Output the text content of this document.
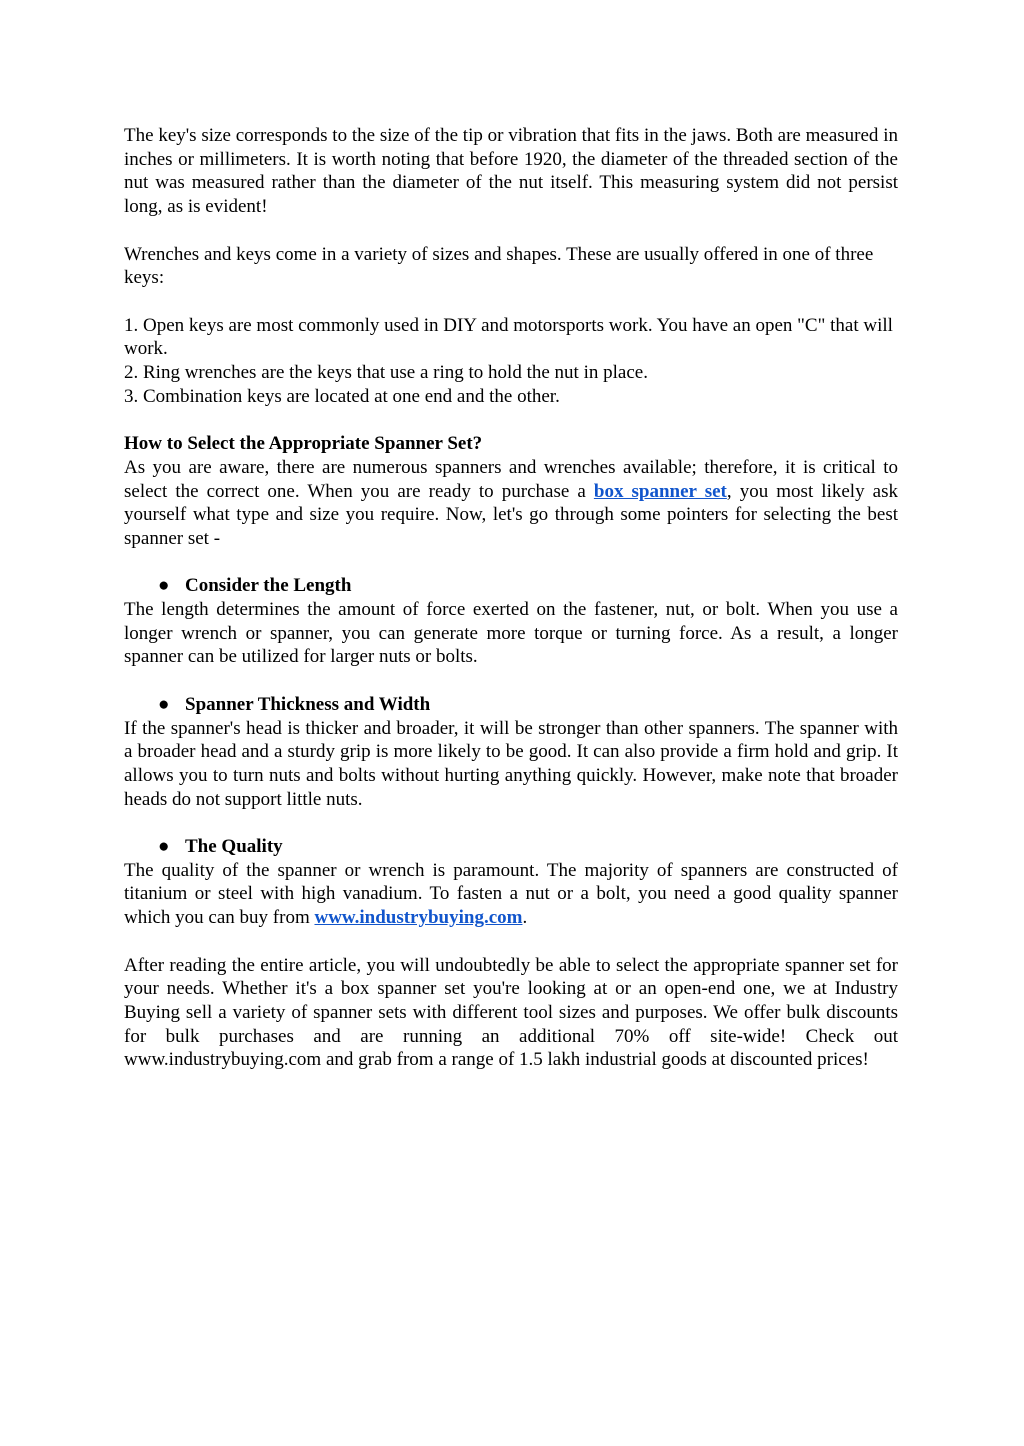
The key's size corresponds to the size of the tip or vibration that fits in the jaws. Both are measured in inches or millimeters. It is worth noting that before 1920, the diameter of the threaded section of the nut was measured rather than the diameter of the nut itself. This measuring system did not persist long, as is evident!

Wrenches and keys come in a variety of sizes and shapes. These are usually offered in one of three keys:

1. Open keys are most commonly used in DIY and motorsports work. You have an open "C" that will work.

2. Ring wrenches are the keys that use a ring to hold the nut in place.

3. Combination keys are located at one end and the other.

How to Select the Appropriate Spanner Set?

As you are aware, there are numerous spanners and wrenches available; therefore, it is critical to select the correct one. When you are ready to purchase a box spanner set, you most likely ask yourself what type and size you require. Now, let's go through some pointers for selecting the best spanner set -

● Consider the Length

The length determines the amount of force exerted on the fastener, nut, or bolt. When you use a longer wrench or spanner, you can generate more torque or turning force. As a result, a longer spanner can be utilized for larger nuts or bolts.

● Spanner Thickness and Width

If the spanner's head is thicker and broader, it will be stronger than other spanners. The spanner with a broader head and a sturdy grip is more likely to be good. It can also provide a firm hold and grip. It allows you to turn nuts and bolts without hurting anything quickly. However, make note that broader heads do not support little nuts.

● The Quality

The quality of the spanner or wrench is paramount. The majority of spanners are constructed of titanium or steel with high vanadium. To fasten a nut or a bolt, you need a good quality spanner which you can buy from www.industrybuying.com.

After reading the entire article, you will undoubtedly be able to select the appropriate spanner set for your needs. Whether it's a box spanner set you're looking at or an open-end one, we at Industry Buying sell a variety of spanner sets with different tool sizes and purposes. We offer bulk discounts for bulk purchases and are running an additional 70% off site-wide! Check out www.industrybuying.com and grab from a range of 1.5 lakh industrial goods at discounted prices!
